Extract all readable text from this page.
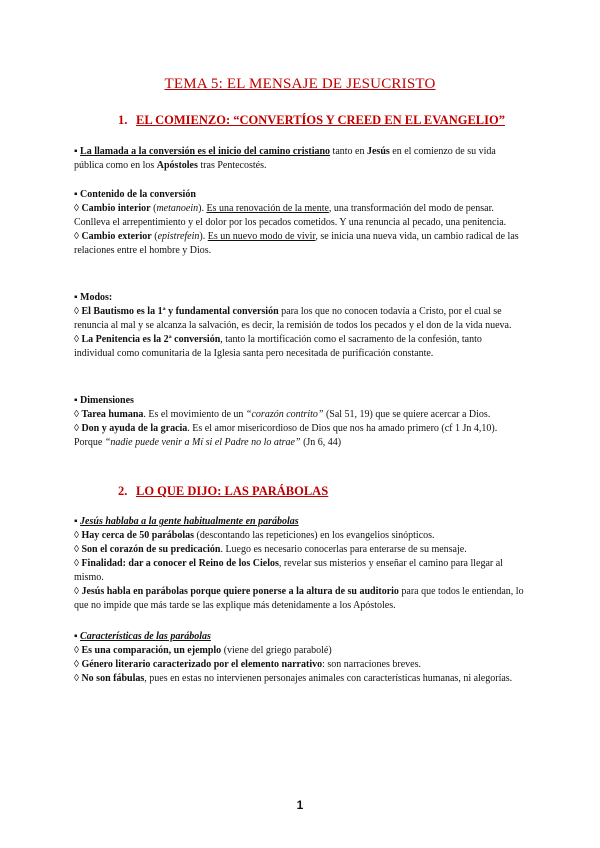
TEMA 5: EL MENSAJE DE JESUCRISTO
1. EL COMIENZO: “CONVERTÍOS Y CREED EN EL EVANGELIO”

▪ La llamada a la conversión es el inicio del camino cristiano tanto en Jesús en el comienzo de su vida pública como en los Apóstoles tras Pentecostés.

▪ Contenido de la conversión

◊ Cambio interior (metanoein). Es una renovación de la mente, una transformación del modo de pensar. Conlleva el arrepentimiento y el dolor por los pecados cometidos. Y una renuncia al pecado, una penitencia.

◊ Cambio exterior (epistrefein). Es un nuevo modo de vivir, se inicia una nueva vida, un cambio radical de las relaciones entre el hombre y Dios.

▪ Modos:

◊ El Bautismo es la 1ª y fundamental conversión para los que no conocen todavía a Cristo, por el cual se renuncia al mal y se alcanza la salvación, es decir, la remisión de todos los pecados y el don de la vida nueva.

◊ La Penitencia es la 2ª conversión, tanto la mortificación como el sacramento de la confesión, tanto individual como comunitaria de la Iglesia santa pero necesitada de purificación constante.

▪ Dimensiones

◊ Tarea humana. Es el movimiento de un “corazón contrito” (Sal 51, 19) que se quiere acercar a Dios.

◊ Don y ayuda de la gracia. Es el amor misericordioso de Dios que nos ha amado primero (cf 1 Jn 4,10). Porque “nadie puede venir a Mí si el Padre no lo atrae” (Jn 6, 44)

2. LO QUE DIJO: LAS PARÁBOLAS

▪ Jesús hablaba a la gente habitualmente en parábolas

◊ Hay cerca de 50 parábolas (descontando las repeticiones) en los evangelios sinópticos.

◊ Son el corazón de su predicación. Luego es necesario conocerlas para enterarse de su mensaje.

◊ Finalidad: dar a conocer el Reino de los Cielos, revelar sus misterios y enseñar el camino para llegar al mismo.

◊ Jesús habla en parábolas porque quiere ponerse a la altura de su auditorio para que todos le entiendan, lo que no impide que más tarde se las explique más detenidamente a los Apóstoles.

▪ Características de las parábolas

◊ Es una comparación, un ejemplo (viene del griego parabolé)

◊ Género literario caracterizado por el elemento narrativo: son narraciones breves.

◊ No son fábulas, pues en estas no intervienen personajes animales con características humanas, ni alegorías.

1
